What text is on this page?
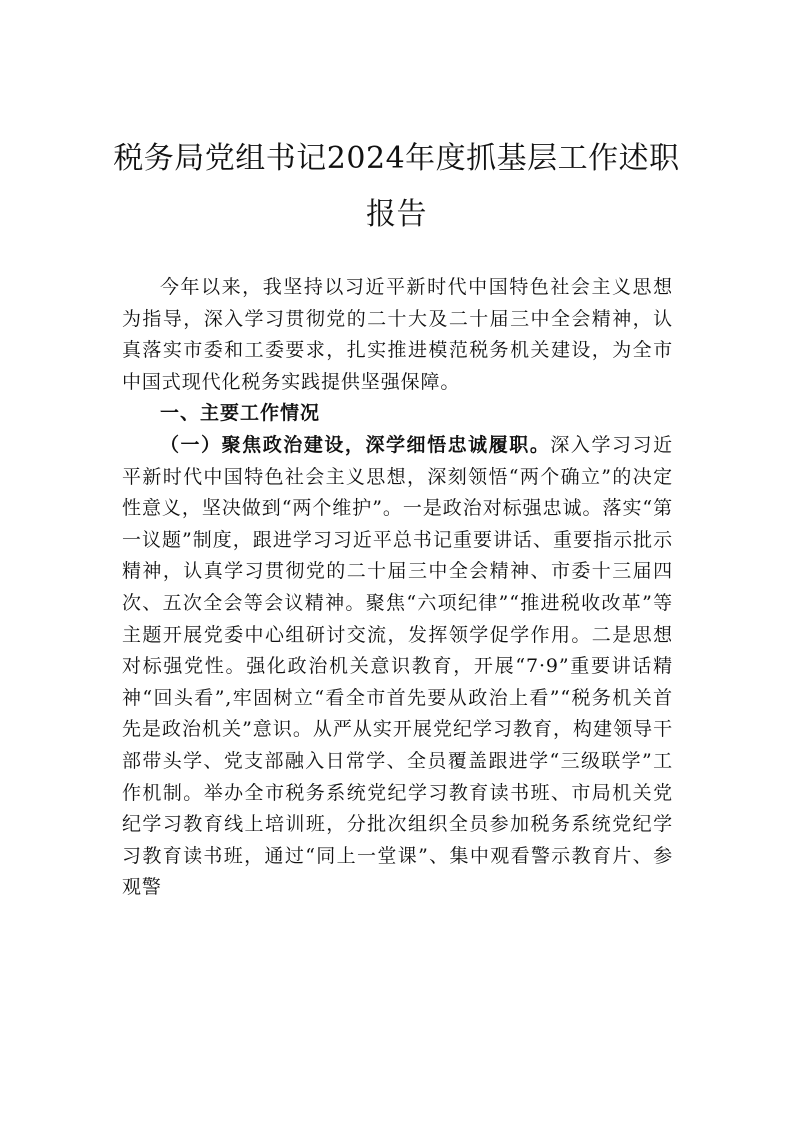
税务局党组书记2024年度抓基层工作述职报告

今年以来，我坚持以习近平新时代中国特色社会主义思想为指导，深入学习贯彻党的二十大及二十届三中全会精神，认真落实市委和工委要求，扎实推进模范税务机关建设，为全市中国式现代化税务实践提供坚强保障。

一、主要工作情况

（一）聚焦政治建设，深学细悟忠诚履职。深入学习习近平新时代中国特色社会主义思想，深刻领悟“两个确立”的决定性意义，坚决做到“两个维护”。一是政治对标强忠诚。落实“第一议题”制度，跟进学习习近平总书记重要讲话、重要指示批示精神，认真学习贯彻党的二十届三中全会精神、市委十三届四次、五次全会等会议精神。聚焦“六项纪律”“推进税收改革”等主题开展党委中心组研讨交流，发挥领学促学作用。二是思想对标强党性。强化政治机关意识教育，开展“7·9”重要讲话精神“回头看”,牢固树立“看全市首先要从政治上看”“税务机关首先是政治机关”意识。从严从实开展党纪学习教育，构建领导干部带头学、党支部融入日常学、全员覆盖跟进学“三级联学”工作机制。举办全市税务系统党纪学习教育读书班、市局机关党纪学习教育线上培训班，分批次组织全员参加税务系统党纪学习教育读书班，通过“同上一堂课”、集中观看警示教育片、参观警
